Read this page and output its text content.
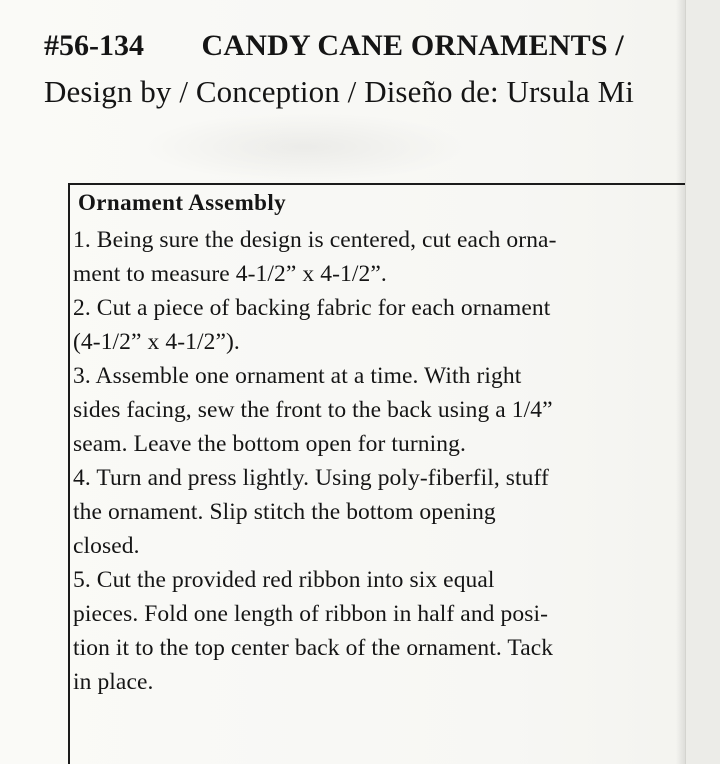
#56-134 CANDY CANE ORNAMENTS /
Design by / Conception / Diseño de: Ursula Mi
Ornament Assembly
1. Being sure the design is centered, cut each orna-
ment to measure 4-1/2” x 4-1/2”.
2. Cut a piece of backing fabric for each ornament
(4-1/2” x 4-1/2”).
3. Assemble one ornament at a time. With right
sides facing, sew the front to the back using a 1/4”
seam. Leave the bottom open for turning.
4. Turn and press lightly. Using poly-fiberfil, stuff
the ornament. Slip stitch the bottom opening
closed.
5. Cut the provided red ribbon into six equal
pieces. Fold one length of ribbon in half and posi-
tion it to the top center back of the ornament. Tack
in place.
